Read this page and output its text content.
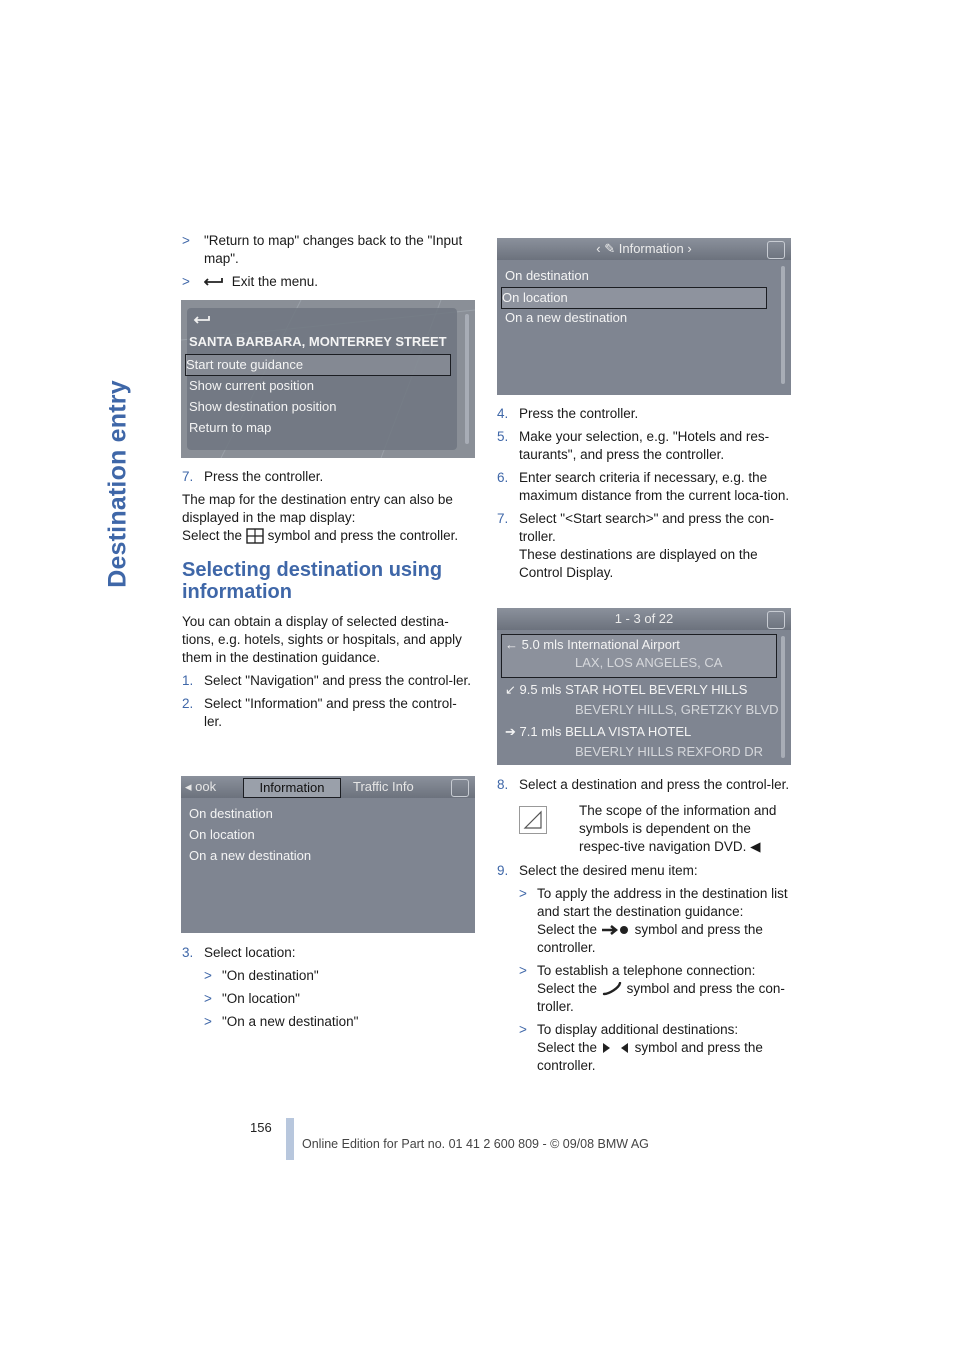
Destination entry
> "Return to map" changes back to the "Input map".
>	Exit the menu.
SANTA BARBARA, MONTERREY STREET
Start route guidance
Show current position
Show destination position
Return to map
7. Press the controller.

The map for the destination entry can also be displayed in the map display:

Select the symbol and press the controller.

Selecting destination using information

You can obtain a display of selected destina-tions, e.g. hotels, sights or hospitals, and apply them in the destination guidance.

1. Select "Navigation" and press the control-ler.
2. Select "Information" and press the control-ler.
◂ ook	Information	Traffic Info
On destination
On location
On a new destination
3. Select location:
> "On destination"
> "On location"
> "On a new destination"
‹ ✎ Information ›
On destination
On location
On a new destination
4. Press the controller.
5. Make your selection, e.g. "Hotels and res-taurants", and press the controller.
6. Enter search criteria if necessary, e.g. the maximum distance from the current loca-tion.
7. Select "<Start search>" and press the con-troller.
These destinations are displayed on the Control Display.
1 - 3 of 22
← 5.0 mls International Airport
LAX, LOS ANGELES, CA
↙ 9.5 mls STAR HOTEL BEVERLY HILLS
BEVERLY HILLS, GRETZKY BLVD
➔ 7.1 mls BELLA VISTA HOTEL
BEVERLY HILLS REXFORD DR
8. Select a destination and press the control-ler.
The scope of the information and symbols is dependent on the respec-tive navigation DVD. ◀
9. Select the desired menu item:
> To apply the address in the destination list and start the destination guidance:
Select the	symbol and press the controller.
> To establish a telephone connection:
Select the symbol and press the con-troller.
> To display additional destinations:
Select the	symbol and press the controller.
156
Online Edition for Part no. 01 41 2 600 809 - © 09/08 BMW AG
